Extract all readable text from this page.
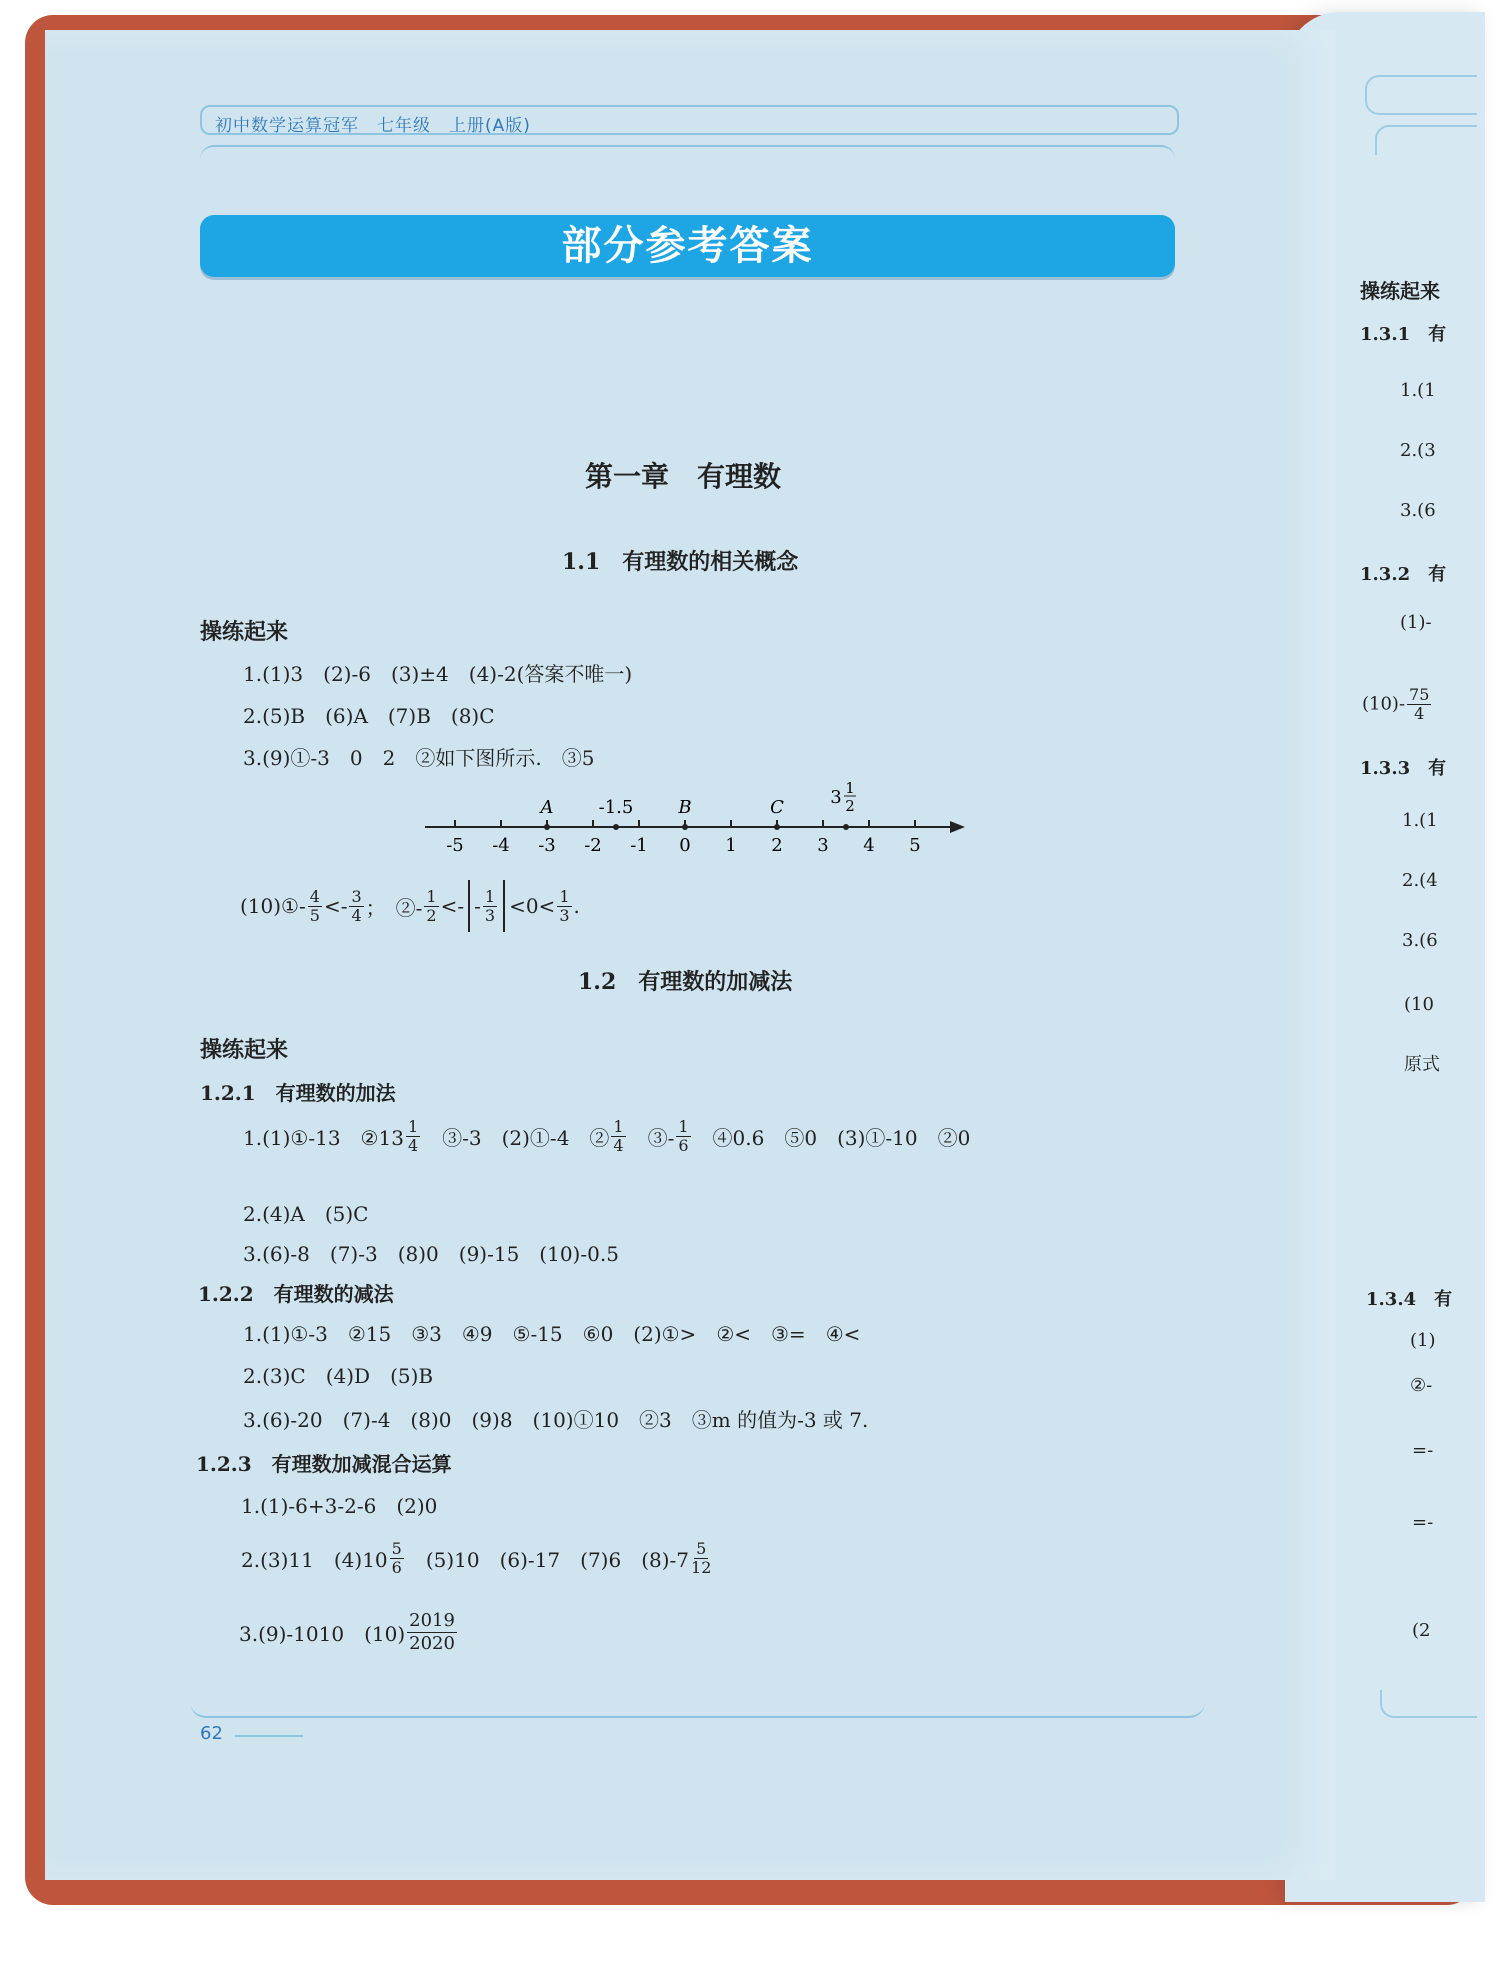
初中数学运算冠军　七年级　上册(A版)
部分参考答案
第一章　有理数
1.1　有理数的相关概念
操练起来
1.(1)3　(2)-6　(3)±4　(4)-2(答案不唯一)
2.(5)B　(6)A　(7)B　(8)C
3.(9)①-3　0　2　②如下图所示.　③5
-5 -4 -3 -2 -1 0 1 2 3 4 5
A	-1.5	B	C	3 1
2
(10)①- $\frac{4}{5} <- \frac{3}{4}$ ；　②- $\frac{1}{2}$ <- - $\frac{1}{3} <0< \frac{1}{3}$ .
1.2　有理数的加减法
操练起来
1.2.1　有理数的加法
1.(1)①-13　②13 $\frac{1}{4}$ 　③-3　(2)①-4　② $\frac{1}{4}$ 　③- $\frac{1}{6}$ 　④0.6　⑤0　(3)①-10　②0
2.(4)A　(5)C
3.(6)-8　(7)-3　(8)0　(9)-15　(10)-0.5
1.2.2　有理数的减法
1.(1)①-3　②15　③3　④9　⑤-15　⑥0　(2)①>　②<　③=　④<
2.(3)C　(4)D　(5)B
3.(6)-20　(7)-4　(8)0　(9)8　(10)①10　②3　③m 的值为-3 或 7.
1.2.3　有理数加减混合运算
1.(1)-6+3-2-6　(2)0
2.(3)11　$(4)10 \frac{5}{6}$ 　(5)10　(6)-17　(7)6　$(8)-7 \frac{5}{12}$
3.(9)-1010　$(10) \frac{2019}{2020}$
62
操练起来
1.3.1　有
1.(1
2.(3
3.(6
1.3.2　有
(1)-
$(10)- \frac{75}{4}$
1.3.3　有
1.(1
2.(4
3.(6
(10
原式
1.3.4　有
(1)
②-
=-
=-
(2
